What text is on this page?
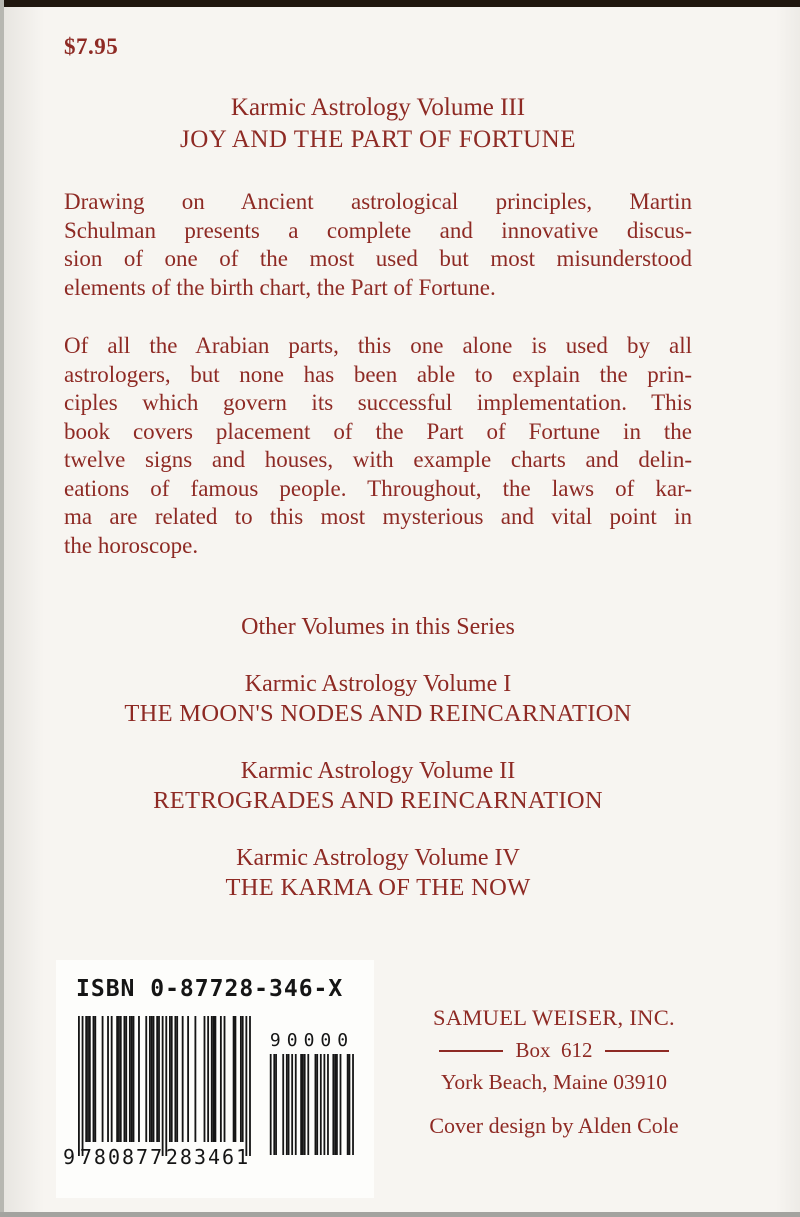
$7.95
Karmic Astrology Volume III
JOY AND THE PART OF FORTUNE
Drawing on Ancient astrological principles, Martin
Schulman presents a complete and innovative discus-
sion of one of the most used but most misunderstood
elements of the birth chart, the Part of Fortune.
Of all the Arabian parts, this one alone is used by all
astrologers, but none has been able to explain the prin-
ciples which govern its successful implementation. This
book covers placement of the Part of Fortune in the
twelve signs and houses, with example charts and delin-
eations of famous people. Throughout, the laws of kar-
ma are related to this most mysterious and vital point in
the horoscope.
Other Volumes in this Series
Karmic Astrology Volume I
THE MOON'S NODES AND REINCARNATION
Karmic Astrology Volume II
RETROGRADES AND REINCARNATION
Karmic Astrology Volume IV
THE KARMA OF THE NOW
ISBN 0-87728-346-X
9 780877 283461
90000
SAMUEL WEISER, INC.
Box  612
York Beach, Maine 03910
Cover design by Alden Cole
